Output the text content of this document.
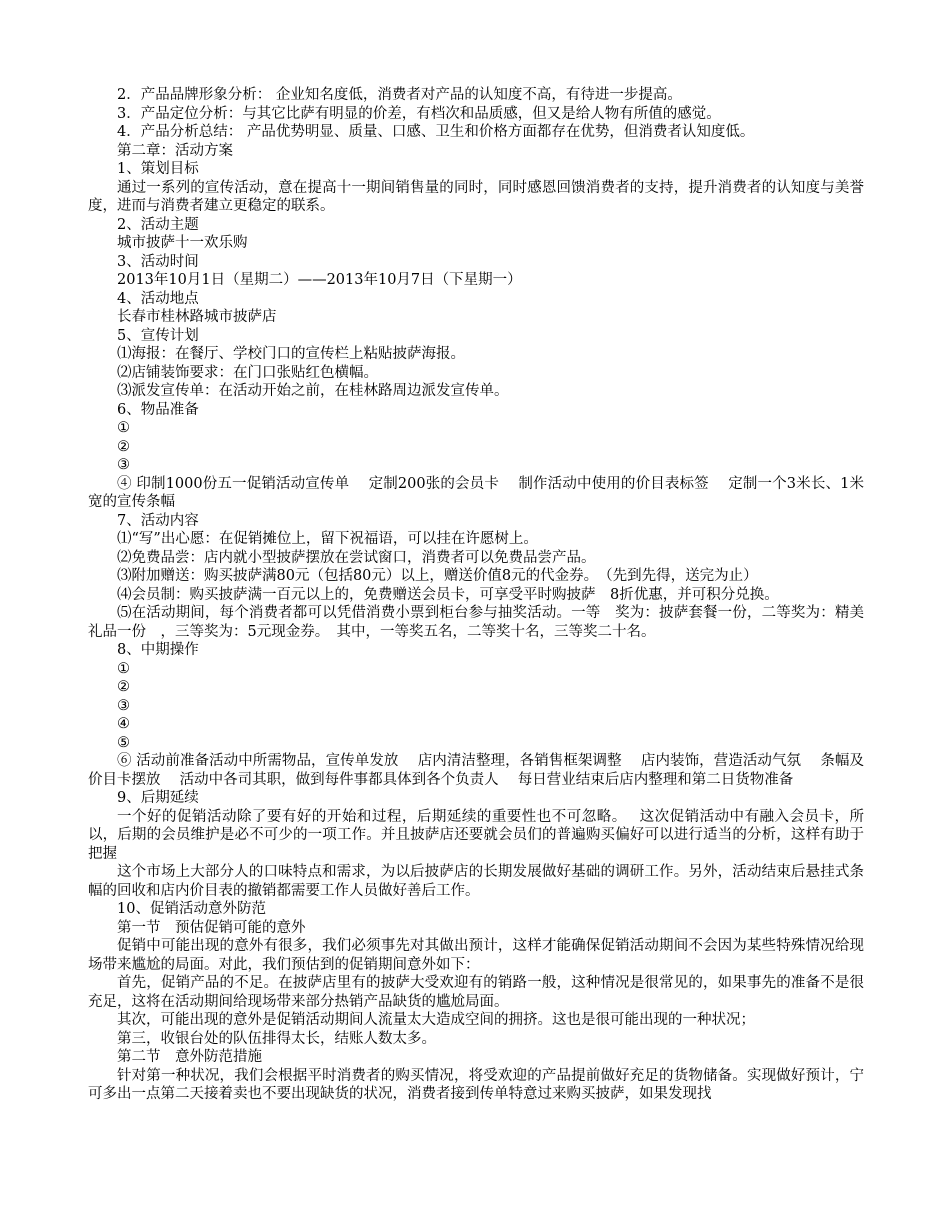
2．产品品牌形象分析： 企业知名度低，消费者对产品的认知度不高，有待进一步提高。

3．产品定位分析：与其它比萨有明显的价差，有档次和品质感，但又是给人物有所值的感觉。

4．产品分析总结： 产品优势明显、质量、口感、卫生和价格方面都存在优势，但消费者认知度低。

第二章：活动方案

1、策划目标

通过一系列的宣传活动，意在提高十一期间销售量的同时，同时感恩回馈消费者的支持，提升消费者的认知度与美誉度，进而与消费者建立更稳定的联系。

2、活动主题

城市披萨十一欢乐购

3、活动时间

2013年10月1日（星期二）——2013年10月7日（下星期一）

4、活动地点

长春市桂林路城市披萨店

5、宣传计划

⑴海报：在餐厅、学校门口的宣传栏上粘贴披萨海报。

⑵店铺装饰要求：在门口张贴红色横幅。

⑶派发宣传单：在活动开始之前，在桂林路周边派发宣传单。

6、物品准备

①

②

③

④ 印制1000份五一促销活动宣传单　 定制200张的会员卡　 制作活动中使用的价目表标签　 定制一个3米长、1米宽的宣传条幅

7、活动内容

⑴“写”出心愿：在促销摊位上，留下祝福语，可以挂在许愿树上。

⑵免费品尝：店内就小型披萨摆放在尝试窗口，消费者可以免费品尝产品。

⑶附加赠送：购买披萨满80元（包括80元）以上，赠送价值8元的代金券。　（先到先得，送完为止）

⑷会员制：购买披萨满一百元以上的，免费赠送会员卡，可享受平时购披萨　8折优惠，并可积分兑换。

⑸在活动期间，每个消费者都可以凭借消费小票到柜台参与抽奖活动。一等　奖为：披萨套餐一份，二等奖为：精美礼品一份　，三等奖为：5元现金券。　其中，一等奖五名，二等奖十名，三等奖二十名。

8、中期操作

①

②

③

④

⑤

⑥ 活动前准备活动中所需物品，宣传单发放　 店内清洁整理，各销售框架调整　 店内装饰，营造活动气氛　 条幅及价目卡摆放　 活动中各司其职，做到每件事都具体到各个负责人　 每日营业结束后店内整理和第二日货物准备

9、后期延续

一个好的促销活动除了要有好的开始和过程，后期延续的重要性也不可忽略。　 这次促销活动中有融入会员卡，所以，后期的会员维护是必不可少的一项工作。并且披萨店还要就会员们的普遍购买偏好可以进行适当的分析，这样有助于把握

这个市场上大部分人的口味特点和需求，为以后披萨店的长期发展做好基础的调研工作。另外，活动结束后悬挂式条幅的回收和店内价目表的撤销都需要工作人员做好善后工作。

10、促销活动意外防范

第一节　预估促销可能的意外

促销中可能出现的意外有很多，我们必须事先对其做出预计，这样才能确保促销活动期间不会因为某些特殊情况给现场带来尴尬的局面。对此，我们预估到的促销期间意外如下：

首先，促销产品的不足。在披萨店里有的披萨大受欢迎有的销路一般，这种情况是很常见的，如果事先的准备不是很充足，这将在活动期间给现场带来部分热销产品缺货的尴尬局面。

其次，可能出现的意外是促销活动期间人流量太大造成空间的拥挤。这也是很可能出现的一种状况；

第三，收银台处的队伍排得太长，结账人数太多。

第二节　意外防范措施

针对第一种状况，我们会根据平时消费者的购买情况，将受欢迎的产品提前做好充足的货物储备。实现做好预计，宁可多出一点第二天接着卖也不要出现缺货的状况，消费者接到传单特意过来购买披萨，如果发现找
